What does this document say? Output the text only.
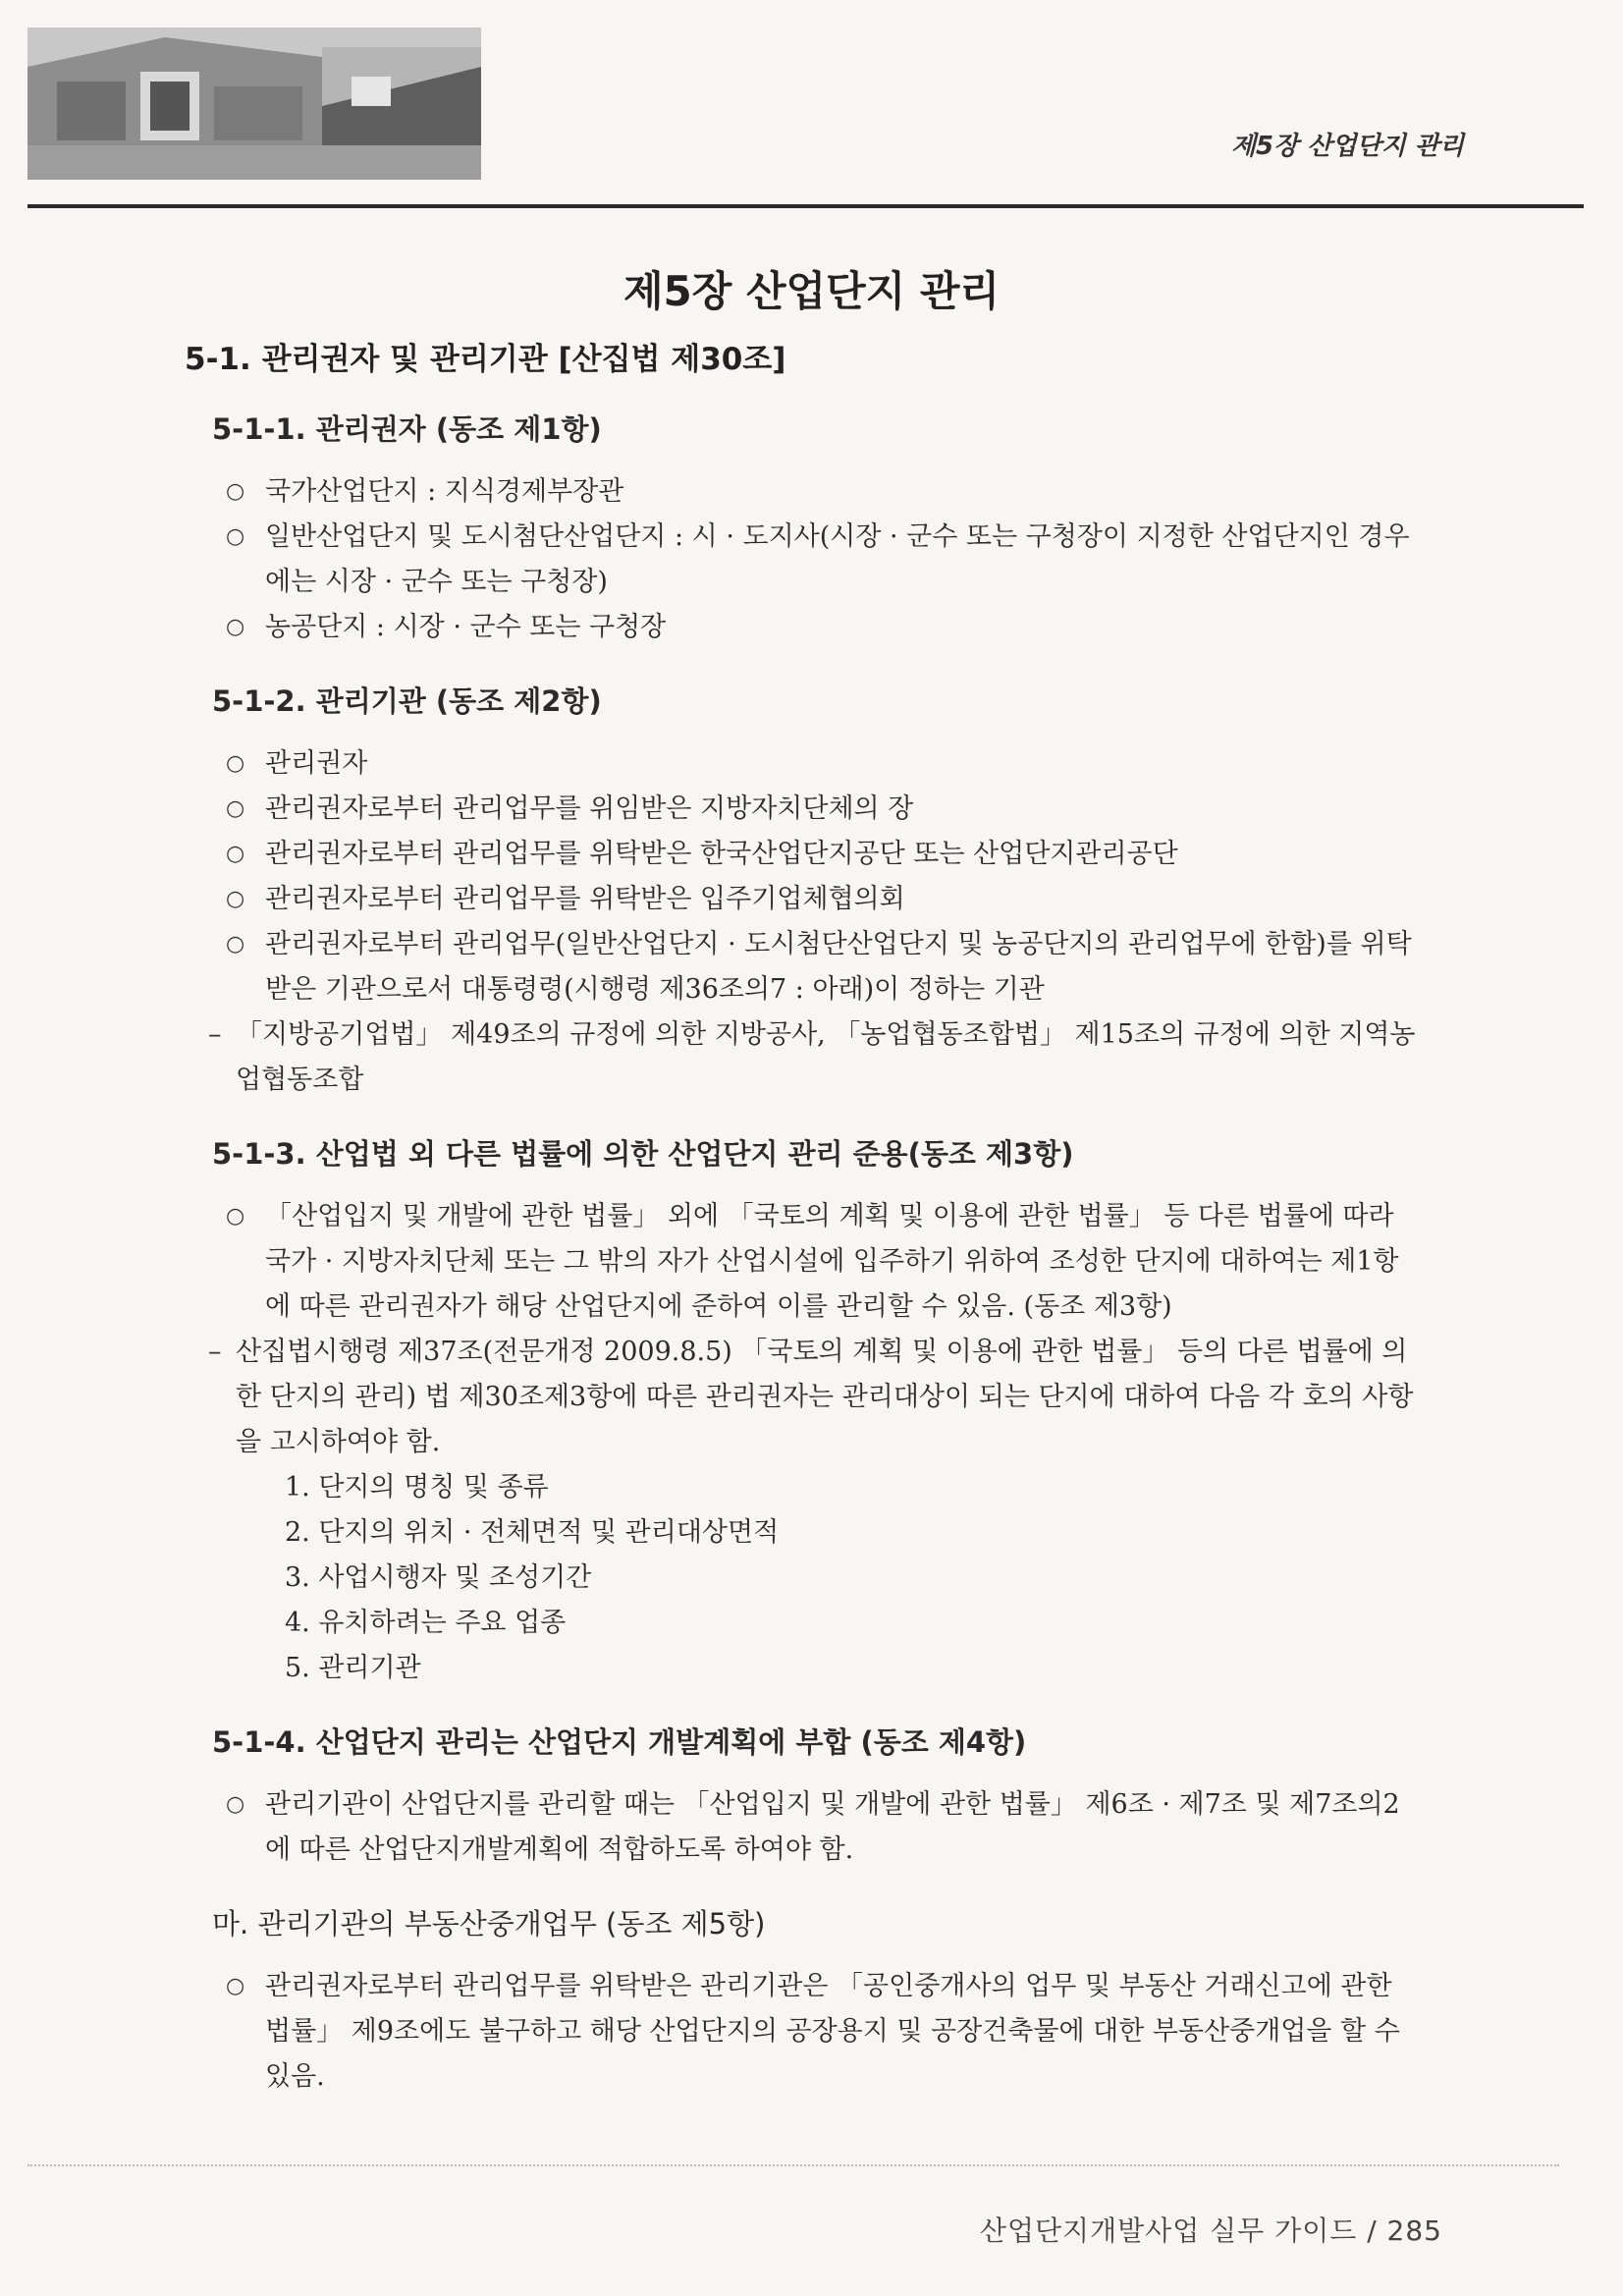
제5장 산업단지 관리
제5장 산업단지 관리
5-1. 관리권자 및 관리기관 [산집법 제30조]
5-1-1. 관리권자 (동조 제1항)
○ 국가산업단지 : 지식경제부장관
○ 일반산업단지 및 도시첨단산업단지 : 시 · 도지사(시장 · 군수 또는 구청장이 지정한 산업단지인 경우에는 시장 · 군수 또는 구청장)
○ 농공단지 : 시장 · 군수 또는 구청장
5-1-2. 관리기관 (동조 제2항)
○ 관리권자
○ 관리권자로부터 관리업무를 위임받은 지방자치단체의 장
○ 관리권자로부터 관리업무를 위탁받은 한국산업단지공단 또는 산업단지관리공단
○ 관리권자로부터 관리업무를 위탁받은 입주기업체협의회
○ 관리권자로부터 관리업무(일반산업단지 · 도시첨단산업단지 및 농공단지의 관리업무에 한함)를 위탁받은 기관으로서 대통령령(시행령 제36조의7 : 아래)이 정하는 기관
– 「지방공기업법」 제49조의 규정에 의한 지방공사, 「농업협동조합법」 제15조의 규정에 의한 지역농업협동조합
5-1-3. 산업법 외 다른 법률에 의한 산업단지 관리 준용(동조 제3항)
○ 「산업입지 및 개발에 관한 법률」 외에 「국토의 계획 및 이용에 관한 법률」 등 다른 법률에 따라 국가 · 지방자치단체 또는 그 밖의 자가 산업시설에 입주하기 위하여 조성한 단지에 대하여는 제1항에 따른 관리권자가 해당 산업단지에 준하여 이를 관리할 수 있음. (동조 제3항)
– 산집법시행령 제37조(전문개정 2009.8.5) 「국토의 계획 및 이용에 관한 법률」 등의 다른 법률에 의한 단지의 관리) 법 제30조제3항에 따른 관리권자는 관리대상이 되는 단지에 대하여 다음 각 호의 사항을 고시하여야 함.
1. 단지의 명칭 및 종류
2. 단지의 위치 · 전체면적 및 관리대상면적
3. 사업시행자 및 조성기간
4. 유치하려는 주요 업종
5. 관리기관
5-1-4. 산업단지 관리는 산업단지 개발계획에 부합 (동조 제4항)
○ 관리기관이 산업단지를 관리할 때는 「산업입지 및 개발에 관한 법률」 제6조 · 제7조 및 제7조의2에 따른 산업단지개발계획에 적합하도록 하여야 함.
마. 관리기관의 부동산중개업무 (동조 제5항)
○ 관리권자로부터 관리업무를 위탁받은 관리기관은 「공인중개사의 업무 및 부동산 거래신고에 관한 법률」 제9조에도 불구하고 해당 산업단지의 공장용지 및 공장건축물에 대한 부동산중개업을 할 수 있음.
산업단지개발사업 실무 가이드 / 285
